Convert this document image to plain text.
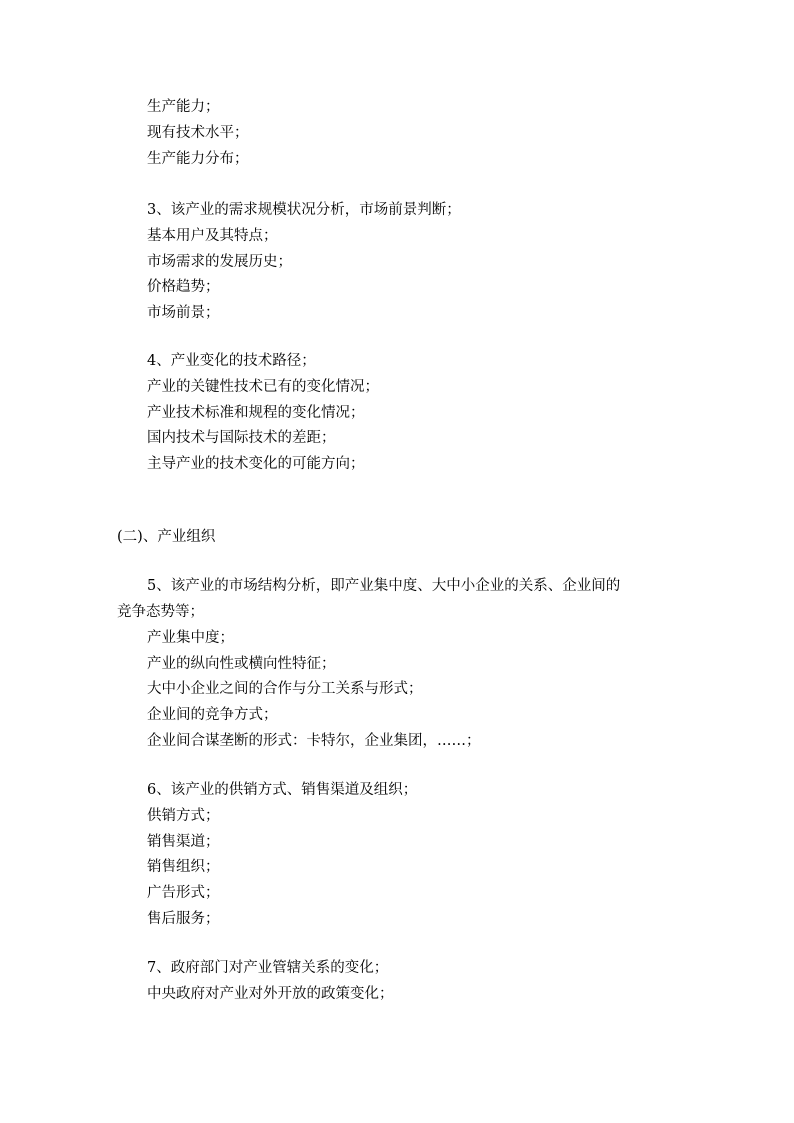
生产能力；
现有技术水平；
生产能力分布；
3、该产业的需求规模状况分析，市场前景判断；
基本用户及其特点；
市场需求的发展历史；
价格趋势；
市场前景；
4、产业变化的技术路径；
产业的关键性技术已有的变化情况；
产业技术标准和规程的变化情况；
国内技术与国际技术的差距；
主导产业的技术变化的可能方向；
(二)、产业组织
5、该产业的市场结构分析，即产业集中度、大中小企业的关系、企业间的
竞争态势等；
产业集中度；
产业的纵向性或横向性特征；
大中小企业之间的合作与分工关系与形式；
企业间的竞争方式；
企业间合谋垄断的形式：卡特尔，企业集团，……；
6、该产业的供销方式、销售渠道及组织；
供销方式；
销售渠道；
销售组织；
广告形式；
售后服务；
7、政府部门对产业管辖关系的变化；
中央政府对产业对外开放的政策变化；
